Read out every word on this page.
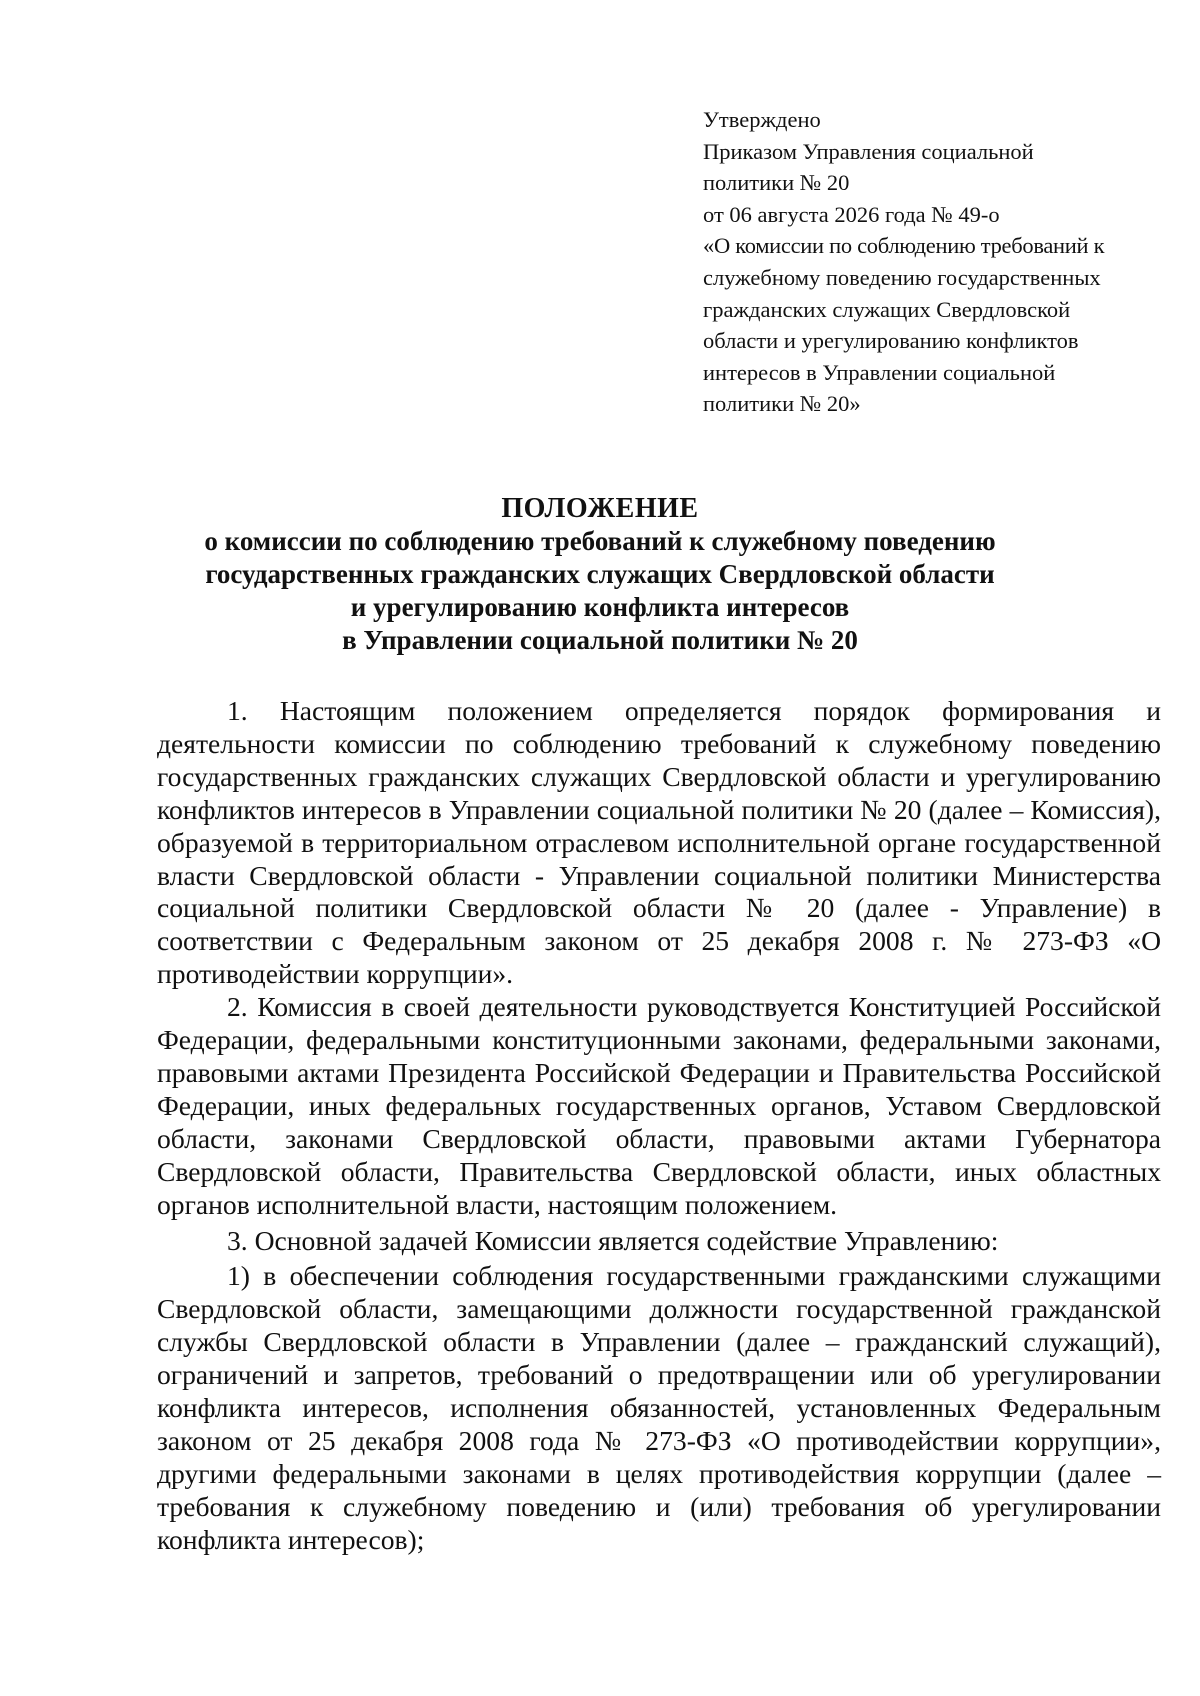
Утверждено
Приказом Управления социальной
политики № 20
от 06 августа 2026 года № 49-о
«О комиссии по соблюдению требований к
служебному поведению государственных
гражданских служащих Свердловской
области и урегулированию конфликтов
интересов в Управлении социальной
политики № 20»
ПОЛОЖЕНИЕ
о комиссии по соблюдению требований к служебному поведению
государственных гражданских служащих Свердловской области
и урегулированию конфликта интересов
в Управлении социальной политики № 20

1. Настоящим положением определяется порядок формирования и деятельности комиссии по соблюдению требований к служебному поведению государственных гражданских служащих Свердловской области и урегулированию конфликтов интересов в Управлении социальной политики № 20 (далее – Комиссия), образуемой в территориальном отраслевом исполнительной органе государственной власти Свердловской области - Управлении социальной политики Министерства социальной политики Свердловской области № 20 (далее - Управление) в соответствии с Федеральным законом от 25 декабря 2008 г. № 273-ФЗ «О противодействии коррупции».

2. Комиссия в своей деятельности руководствуется Конституцией Российской Федерации, федеральными конституционными законами, федеральными законами, правовыми актами Президента Российской Федерации и Правительства Российской Федерации, иных федеральных государственных органов, Уставом Свердловской области, законами Свердловской области, правовыми актами Губернатора Свердловской области, Правительства Свердловской области, иных областных органов исполнительной власти, настоящим положением.

3. Основной задачей Комиссии является содействие Управлению:

1) в обеспечении соблюдения государственными гражданскими служащими Свердловской области, замещающими должности государственной гражданской службы Свердловской области в Управлении (далее – гражданский служащий), ограничений и запретов, требований о предотвращении или об урегулировании конфликта интересов, исполнения обязанностей, установленных Федеральным законом от 25 декабря 2008 года № 273-ФЗ «О противодействии коррупции», другими федеральными законами в целях противодействия коррупции (далее – требования к служебному поведению и (или) требования об урегулировании конфликта интересов);
